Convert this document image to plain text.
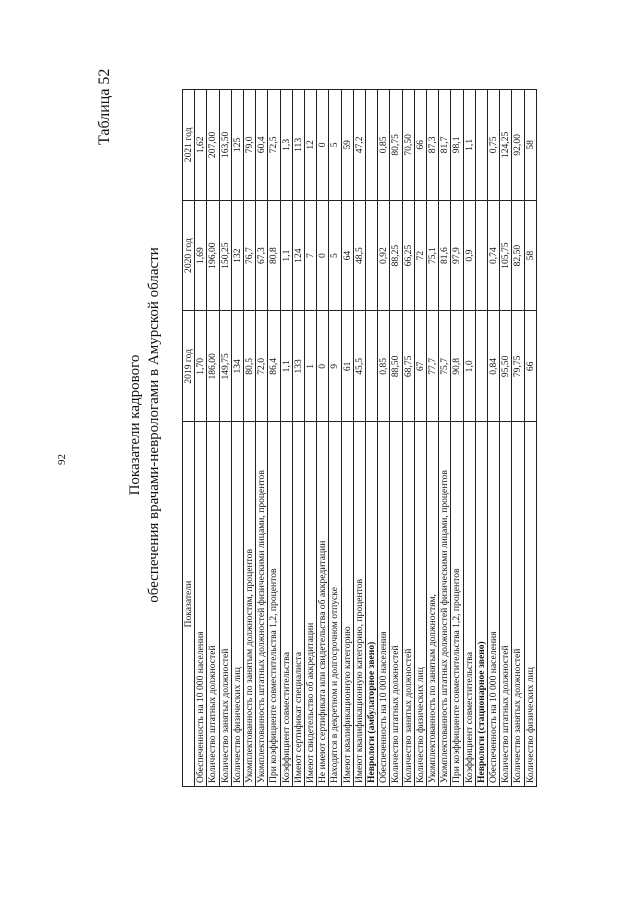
92

Таблица 52

Показатели кадрового обеспечения врачами-неврологами в Амурской области
Показатели	2019 год	2020 год	2021 год
Обеспеченность на 10 000 населения	1,70	1,69	1,62
Количество штатных должностей	186,00	196,00	207,00
Количество занятых должностей	149,75	150,25	163,50
Количество физических лиц	134	132	125
Укомплектованность по занятым должностям, процентов	80,5	76,7	79,0
Укомплектованность штатных должностей физическими лицами, процентов	72,0	67,3	60,4
При коэффициенте совместительства 1,2, процентов	86,4	80,8	72,5
Коэффициент совместительства	1,1	1,1	1,3
Имеют сертификат специалиста	133	124	113
Имеют свидетельство об аккредитации	1	7	12
Не имеют сертификата или свидетельства об аккредитации	0	0	0
Находятся в декретном и долгосрочном отпуске	9	5	5
Имеют квалификационную категорию	61	64	59
Имеют квалификационную категорию, процентов	45,5	48,5	47,2
Неврологи (амбулаторное звено)			
Обеспеченность на 10 000 населения	0,85	0,92	0,85
Количество штатных должностей	88,50	88,25	80,75
Количество занятых должностей	68,75	66,25	70,50
Количество физических лиц	67	72	66
Укомплектованность по занятым должностям,	77,7	75,1	87,3
Укомплектованность штатных должностей физическими лицами, процентов	75,7	81,6	81,7
При коэффициенте совместительства 1,2, процентов	90,8	97,9	98,1
Коэффициент совместительства	1,0	0,9	1,1
Неврологи (стационарное звено)			
Обеспеченность на 10 000 населения	0,84	0,74	0,75
Количество штатных должностей	95,50	105,75	124,25
Количество занятых должностей	79,75	82,50	92,00
Количество физических лиц	66	58	58
